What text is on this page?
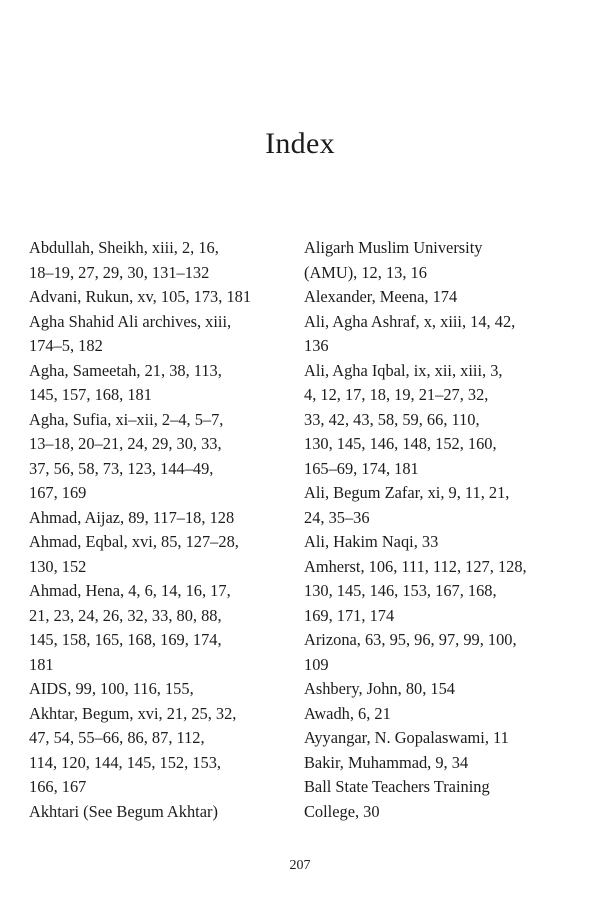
Index
Abdullah, Sheikh, xiii, 2, 16,
18–19, 27, 29, 30, 131–132
Advani, Rukun, xv, 105, 173, 181
Agha Shahid Ali archives, xiii,
174–5, 182
Agha, Sameetah, 21, 38, 113,
145, 157, 168, 181
Agha, Sufia, xi–xii, 2–4, 5–7,
13–18, 20–21, 24, 29, 30, 33,
37, 56, 58, 73, 123, 144–49,
167, 169
Ahmad, Aijaz, 89, 117–18, 128
Ahmad, Eqbal, xvi, 85, 127–28,
130, 152
Ahmad, Hena, 4, 6, 14, 16, 17,
21, 23, 24, 26, 32, 33, 80, 88,
145, 158, 165, 168, 169, 174,
181
AIDS, 99, 100, 116, 155,
Akhtar, Begum, xvi, 21, 25, 32,
47, 54, 55–66, 86, 87, 112,
114, 120, 144, 145, 152, 153,
166, 167
Akhtari (See Begum Akhtar)
Aligarh Muslim University
(AMU), 12, 13, 16
Alexander, Meena, 174
Ali, Agha Ashraf, x, xiii, 14, 42,
136
Ali, Agha Iqbal, ix, xii, xiii, 3,
4, 12, 17, 18, 19, 21–27, 32,
33, 42, 43, 58, 59, 66, 110,
130, 145, 146, 148, 152, 160,
165–69, 174, 181
Ali, Begum Zafar, xi, 9, 11, 21,
24, 35–36
Ali, Hakim Naqi, 33
Amherst, 106, 111, 112, 127, 128,
130, 145, 146, 153, 167, 168,
169, 171, 174
Arizona, 63, 95, 96, 97, 99, 100,
109
Ashbery, John, 80, 154
Awadh, 6, 21
Ayyangar, N. Gopalaswami, 11
Bakir, Muhammad, 9, 34
Ball State Teachers Training
College, 30
207
